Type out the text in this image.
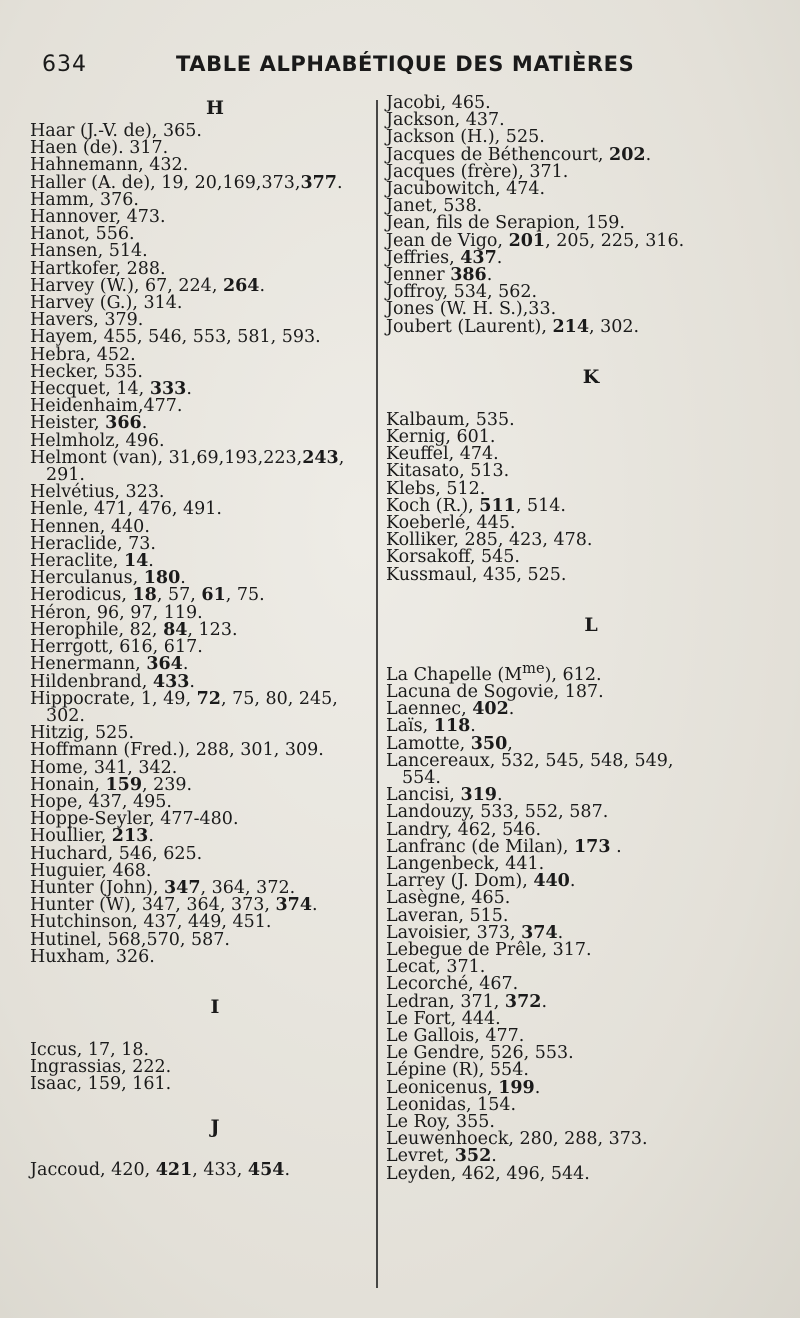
634	TABLE ALPHABÉTIQUE DES MATIÈRES
H
Haar (J.-V. de), 365.
Haen (de). 317.
Hahnemann, 432.
Haller (A. de), 19, 20,169,373,377.
Hamm, 376.
Hannover, 473.
Hanot, 556.
Hansen, 514.
Hartkofer, 288.
Harvey (W.), 67, 224, 264.
Harvey (G.), 314.
Havers, 379.
Hayem, 455, 546, 553, 581, 593.
Hebra, 452.
Hecker, 535.
Hecquet, 14, 333.
Heidenhaim,477.
Heister, 366.
Helmholz, 496.
Helmont (van), 31,69,193,223,243,
291.
Helvétius, 323.
Henle, 471, 476, 491.
Hennen, 440.
Heraclide, 73.
Heraclite, 14.
Herculanus, 180.
Herodicus, 18, 57, 61, 75.
Héron, 96, 97, 119.
Herophile, 82, 84, 123.
Herrgott, 616, 617.
Henermann, 364.
Hildenbrand, 433.
Hippocrate, 1, 49, 72, 75, 80, 245,
302.
Hitzig, 525.
Hoffmann (Fred.), 288, 301, 309.
Home, 341, 342.
Honain, 159, 239.
Hope, 437, 495.
Hoppe-Seyler, 477-480.
Houllier, 213.
Huchard, 546, 625.
Huguier, 468.
Hunter (John), 347, 364, 372.
Hunter (W), 347, 364, 373, 374.
Hutchinson, 437, 449, 451.
Hutinel, 568,570, 587.
Huxham, 326.
I
Iccus, 17, 18.
Ingrassias, 222.
Isaac, 159, 161.
J
Jaccoud, 420, 421, 433, 454.
Jacobi, 465.
Jackson, 437.
Jackson (H.), 525.
Jacques de Béthencourt, 202.
Jacques (frère), 371.
Jacubowitch, 474.
Janet, 538.
Jean, fils de Serapion, 159.
Jean de Vigo, 201, 205, 225, 316.
Jeffries, 437.
Jenner 386.
Joffroy, 534, 562.
Jones (W. H. S.),33.
Joubert (Laurent), 214, 302.
K
Kalbaum, 535.
Kernig, 601.
Keuffel, 474.
Kitasato, 513.
Klebs, 512.
Koch (R.), 511, 514.
Koeberlé, 445.
Kolliker, 285, 423, 478.
Korsakoff, 545.
Kussmaul, 435, 525.
L
La Chapelle $(M^{me})$, 612.
Lacuna de Sogovie, 187.
Laennec, 402.
Laïs, 118.
Lamotte, 350,
Lancereaux, 532, 545, 548, 549,
554.
Lancisi, 319.
Landouzy, 533, 552, 587.
Landry, 462, 546.
Lanfranc (de Milan), 173 .
Langenbeck, 441.
Larrey (J. Dom), 440.
Lasègne, 465.
Laveran, 515.
Lavoisier, 373, 374.
Lebegue de Prêle, 317.
Lecat, 371.
Lecorché, 467.
Ledran, 371, 372.
Le Fort, 444.
Le Gallois, 477.
Le Gendre, 526, 553.
Lépine (R), 554.
Leonicenus, 199.
Leonidas, 154.
Le Roy, 355.
Leuwenhoeck, 280, 288, 373.
Levret, 352.
Leyden, 462, 496, 544.
